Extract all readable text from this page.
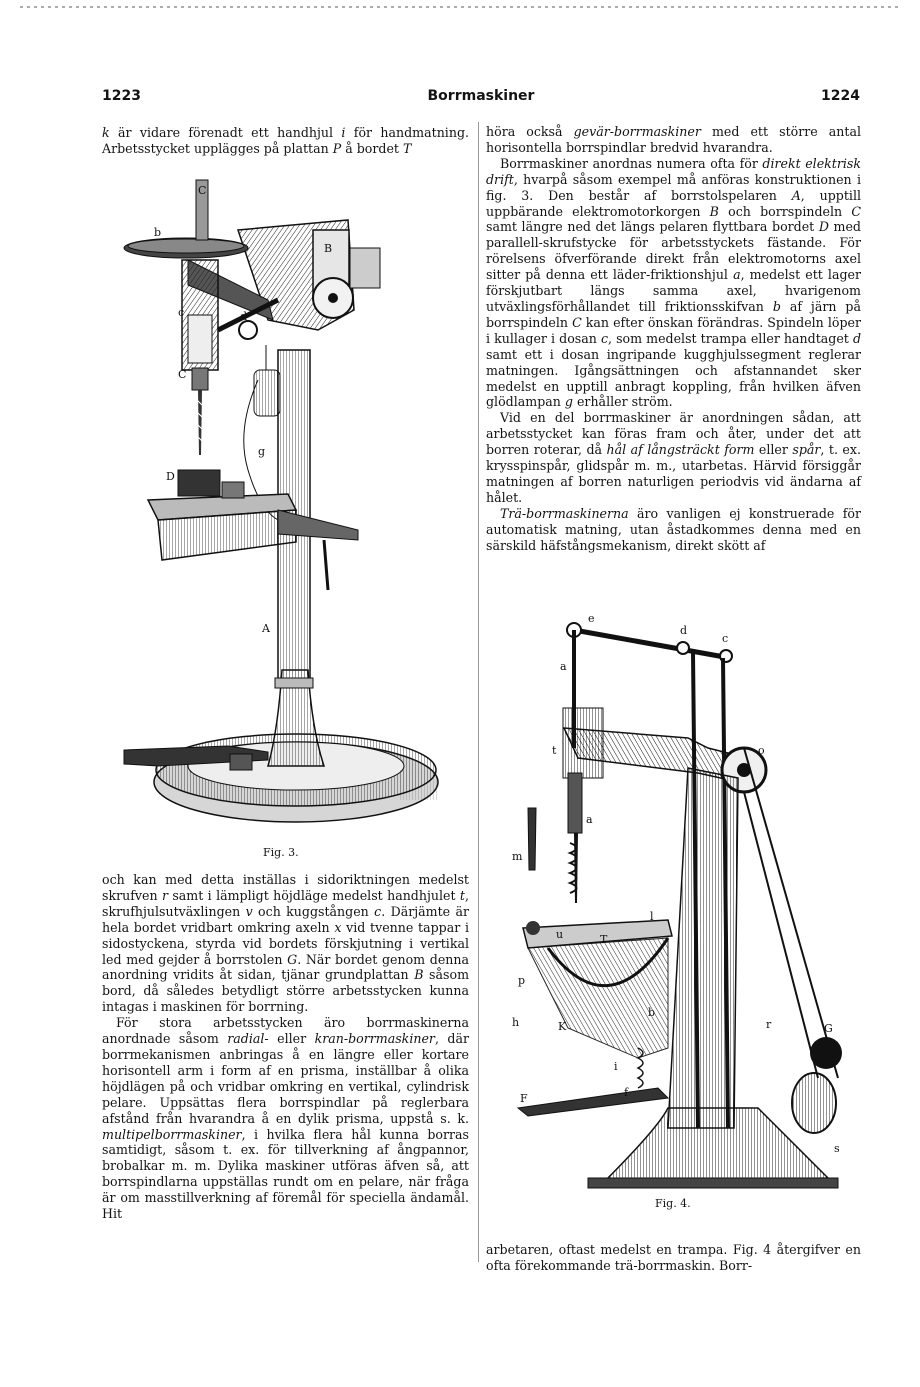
1223	Borrmaskiner	1224

k är vidare förenadt ett handhjul i för handmatning. Arbetsstycket upplägges på plattan P å bordet T

C
b
B
c	d
C
g
D
A
Fig. 3.

och kan med detta inställas i sidoriktningen medelst skrufven r samt i lämpligt höjdläge medelst handhjulet t, skrufhjulsutväxlingen v och kuggstången c. Därjämte är hela bordet vridbart omkring axeln x vid tvenne tappar i sidostyckena, styrda vid bordets förskjutning i vertikal led med gejder å borrstolen G. När bordet genom denna anordning vridits åt sidan, tjänar grundplattan B såsom bord, då således betydligt större arbetsstycken kunna intagas i maskinen för borrning.

För stora arbetsstycken äro borrmaskinerna anordnade såsom radial- eller kran-borrmaskiner, där borrmekanismen anbringas å en längre eller kortare horisontell arm i form af en prisma, inställbar å olika höjdlägen på och vridbar omkring en vertikal, cylindrisk pelare. Uppsättas flera borrspindlar på reglerbara afstånd från hvarandra å en dylik prisma, uppstå s. k. multipelborrmaskiner, i hvilka flera hål kunna borras samtidigt, såsom t. ex. för tillverkning af ångpannor, brobalkar m. m. Dylika maskiner utföras äfven så, att borrspindlarna uppställas rundt om en pelare, när fråga är om masstillverkning af föremål för speciella ändamål. Hit

höra också gevär-borrmaskiner med ett större antal horisontella borrspindlar bredvid hvarandra.

Borrmaskiner anordnas numera ofta för direkt elektrisk drift, hvarpå såsom exempel må anföras konstruktionen i fig. 3. Den består af borrstolspelaren A, upptill uppbärande elektromotorkorgen B och borrspindeln C samt längre ned det längs pelaren flyttbara bordet D med parallell-skrufstycke för arbetsstyckets fästande. För rörelsens öfverförande direkt från elektromotorns axel sitter på denna ett läder-friktionshjul a, medelst ett lager förskjutbart längs samma axel, hvarigenom utväxlingsförhållandet till friktionsskifvan b af järn på borrspindeln C kan efter önskan förändras. Spindeln löper i kullager i dosan c, som medelst trampa eller handtaget d samt ett i dosan ingripande kugghjulssegment reglerar matningen. Igångsättningen och afstannandet sker medelst en upptill anbragt koppling, från hvilken äfven glödlampan g erhåller ström.

Vid en del borrmaskiner är anordningen sådan, att arbetsstycket kan föras fram och åter, under det att borren roterar, då hål af långsträckt form eller spår, t. ex. krysspinspår, glidspår m. m., utarbetas. Härvid försiggår matningen af borren naturligen periodvis vid ändarna af hålet.

Trä-borrmaskinerna äro vanligen ej konstruerade för automatisk matning, utan åstadkommes denna med en särskild häfstångsmekanism, direkt skött af

e
d
c
a
t	o
a
m
l
u	T
p
b
h	K	r	G
i
f
F
s
Fig. 4.

arbetaren, oftast medelst en trampa. Fig. 4 återgifver en ofta förekommande trä-borrmaskin. Borr-
